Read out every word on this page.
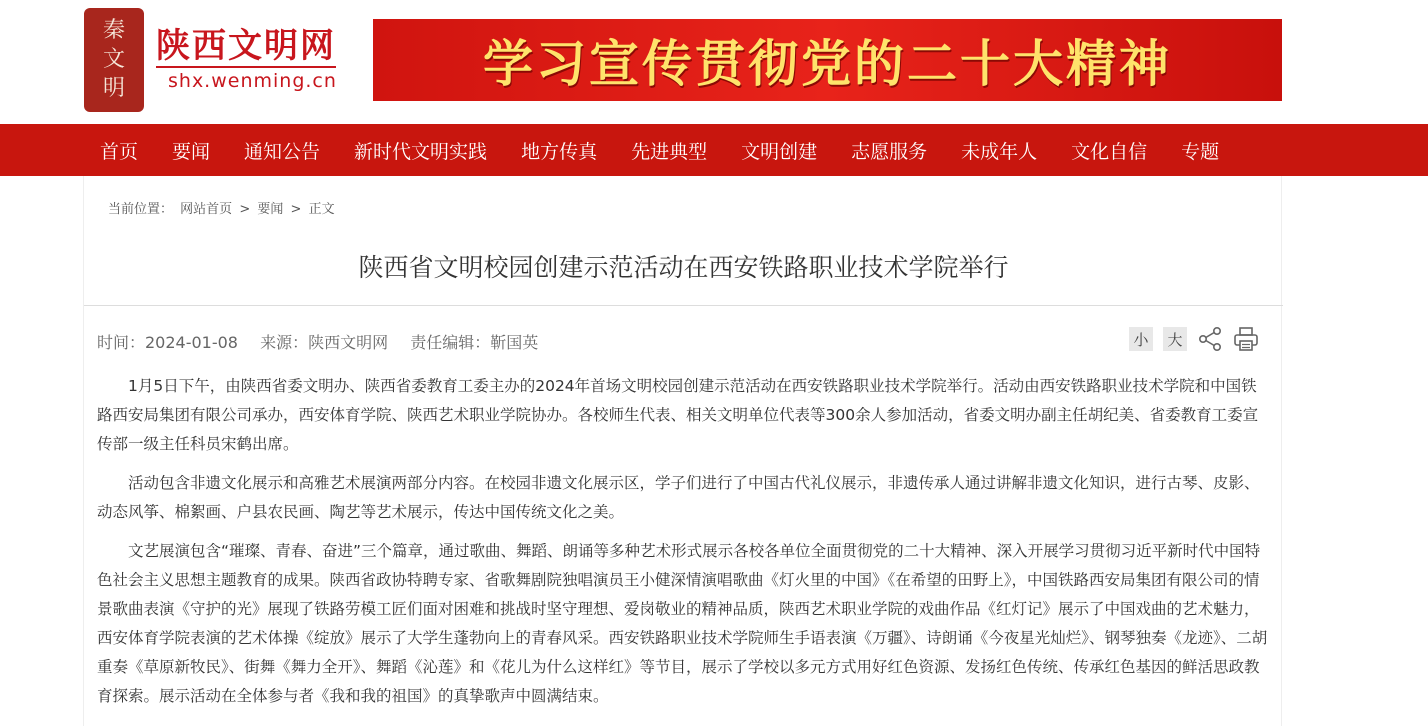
秦
文
明
陕西文明网
shx.wenming.cn	学习宣传贯彻党的二十大精神
首页 要闻 通知公告 新时代文明实践 地方传真 先进典型 文明创建 志愿服务 未成年人 文化自信 专题
当前位置： 网站首页 > 要闻 > 正文
陕西省文明校园创建示范活动在西安铁路职业技术学院举行
时间：2024-01-08 来源：陕西文明网 责任编辑：靳国英	小	大

1月5日下午，由陕西省委文明办、陕西省委教育工委主办的2024年首场文明校园创建示范活动在西安铁路职业技术学院举行。活动由西安铁路职业技术学院和中国铁路西安局集团有限公司承办，西安体育学院、陕西艺术职业学院协办。各校师生代表、相关文明单位代表等300余人参加活动，省委文明办副主任胡纪美、省委教育工委宣传部一级主任科员宋鹤出席。

活动包含非遗文化展示和高雅艺术展演两部分内容。在校园非遗文化展示区，学子们进行了中国古代礼仪展示，非遗传承人通过讲解非遗文化知识，进行古琴、皮影、动态风筝、棉絮画、户县农民画、陶艺等艺术展示，传达中国传统文化之美。

文艺展演包含“璀璨、青春、奋进”三个篇章，通过歌曲、舞蹈、朗诵等多种艺术形式展示各校各单位全面贯彻党的二十大精神、深入开展学习贯彻习近平新时代中国特色社会主义思想主题教育的成果。陕西省政协特聘专家、省歌舞剧院独唱演员王小健深情演唱歌曲《灯火里的中国》《在希望的田野上》，中国铁路西安局集团有限公司的情景歌曲表演《守护的光》展现了铁路劳模工匠们面对困难和挑战时坚守理想、爱岗敬业的精神品质，陕西艺术职业学院的戏曲作品《红灯记》展示了中国戏曲的艺术魅力，西安体育学院表演的艺术体操《绽放》展示了大学生蓬勃向上的青春风采。西安铁路职业技术学院师生手语表演《万疆》、诗朗诵《今夜星光灿烂》、钢琴独奏《龙迹》、二胡重奏《草原新牧民》、街舞《舞力全开》、舞蹈《沁莲》和《花儿为什么这样红》等节目，展示了学校以多元方式用好红色资源、发扬红色传统、传承红色基因的鲜活思政教育探索。展示活动在全体参与者《我和我的祖国》的真挚歌声中圆满结束。
